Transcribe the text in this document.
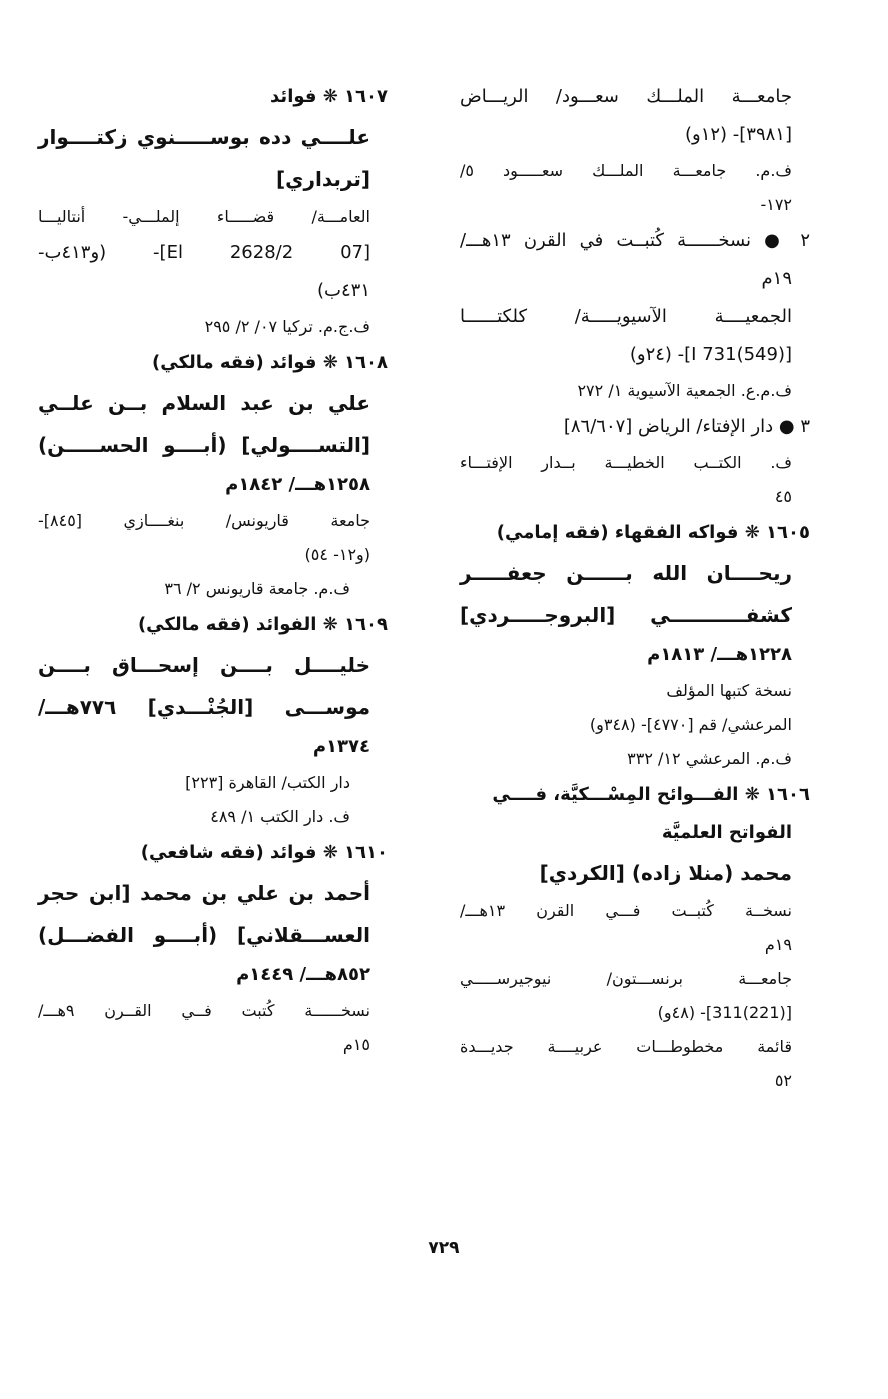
جامعـــة الملـــك سعـــود/ الريـــاض
[٣٩٨١]- (١٢و)
ف.م. جامعـــة الملـــك سعـــــود ٥/
١٧٢-
٢ ● نسخــــــة كُتبــت في القرن ١٣هـــ/
١٩م
الجمعيــــة الآسيويـــــة/ كلكتــــــا
[(549)I 731]- (٢٤و)
ف.م.ع. الجمعية الآسيوية ١/ ٢٧٢
٣ ● دار الإفتاء/ الرياض [٨٦/٦٠٧]
ف. الكتــب الخطيـــة بــدار الإفتـــاء
٤٥
١٦٠٥ ❋ فواكه الفقهاء (فقه إمامي)
ريحــــان الله بــــــن جعفـــــر
كشفـــــــــــي [البروجـــــردي]
١٢٢٨هـــ/ ١٨١٣م
نسخة كتبها المؤلف
المرعشي/ قم [٤٧٧٠]- (٣٤٨و)
ف.م. المرعشي ١٢/ ٣٣٢
١٦٠٦ ❋ الفـــوائح المِسْـــكيَّة، فــــي
الفواتح العلميَّة
محمد (منلا زاده) [الكردي]
نسخــة كُتبــت فـــي القرن ١٣هـــ/
١٩م
جامعـــة برنســـتون/ نيوجيرســـــي
[(221)311]- (٤٨و)
قائمة مخطوطـــات عربيــــة جديـــدة
٥٢
١٦٠٧ ❋ فوائد
علــــي دده بوســـــنوي زكتــــوار
[تربداري]
العامـــة/ قضـــــاء إلملـــي- أنتاليـــا
[07 El 2628/2]- (و٤١٣ب-
٤٣١ب)
ف.ج.م. تركيا ٠٧/ ٢/ ٢٩٥
١٦٠٨ ❋ فوائد (فقه مالكي)
علي بن عبد السلام بــن علــي
[التســــولي] (أبــــو الحســـــن)
١٢٥٨هـــ/ ١٨٤٢م
جامعة قاريونس/ بنغــــازي [٨٤٥]-
(و١٢- ٥٤)
ف.م. جامعة قاريونس ٢/ ٣٦
١٦٠٩ ❋ الفوائد (فقه مالكي)
خليــــل بــــن إسحـــاق بــــن
موســـى [الجُنْـــدي] ٧٧٦هـــ/
١٣٧٤م
دار الكتب/ القاهرة [٢٢٣]
ف. دار الكتب ١/ ٤٨٩
١٦١٠ ❋ فوائد (فقه شافعي)
أحمد بن علي بن محمد [ابن حجر
العســـقلاني] (أبــــو الفضـــل)
٨٥٢هـــ/ ١٤٤٩م
نسخــــــة كُتبت فــي القــرن ٩هـــ/
١٥م
٧٢٩
